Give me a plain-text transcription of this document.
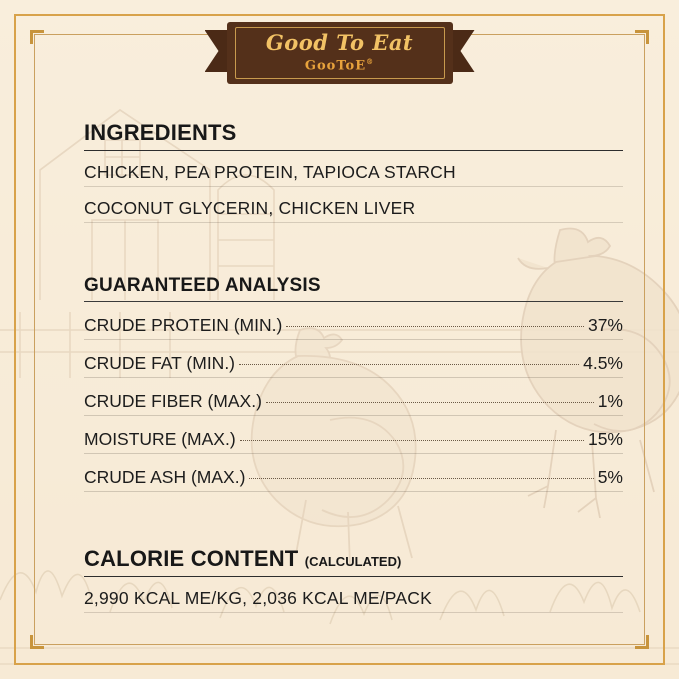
Good To Eat
GooToE®
INGREDIENTS
CHICKEN, PEA PROTEIN, TAPIOCA STARCH
COCONUT GLYCERIN, CHICKEN LIVER
GUARANTEED ANALYSIS
CRUDE PROTEIN (MIN.)	37%
CRUDE FAT (MIN.)	4.5%
CRUDE FIBER (MAX.)	1%
MOISTURE (MAX.)	15%
CRUDE ASH (MAX.)	5%
CALORIE CONTENT (CALCULATED)
2,990 KCAL ME/KG, 2,036 KCAL ME/PACK
